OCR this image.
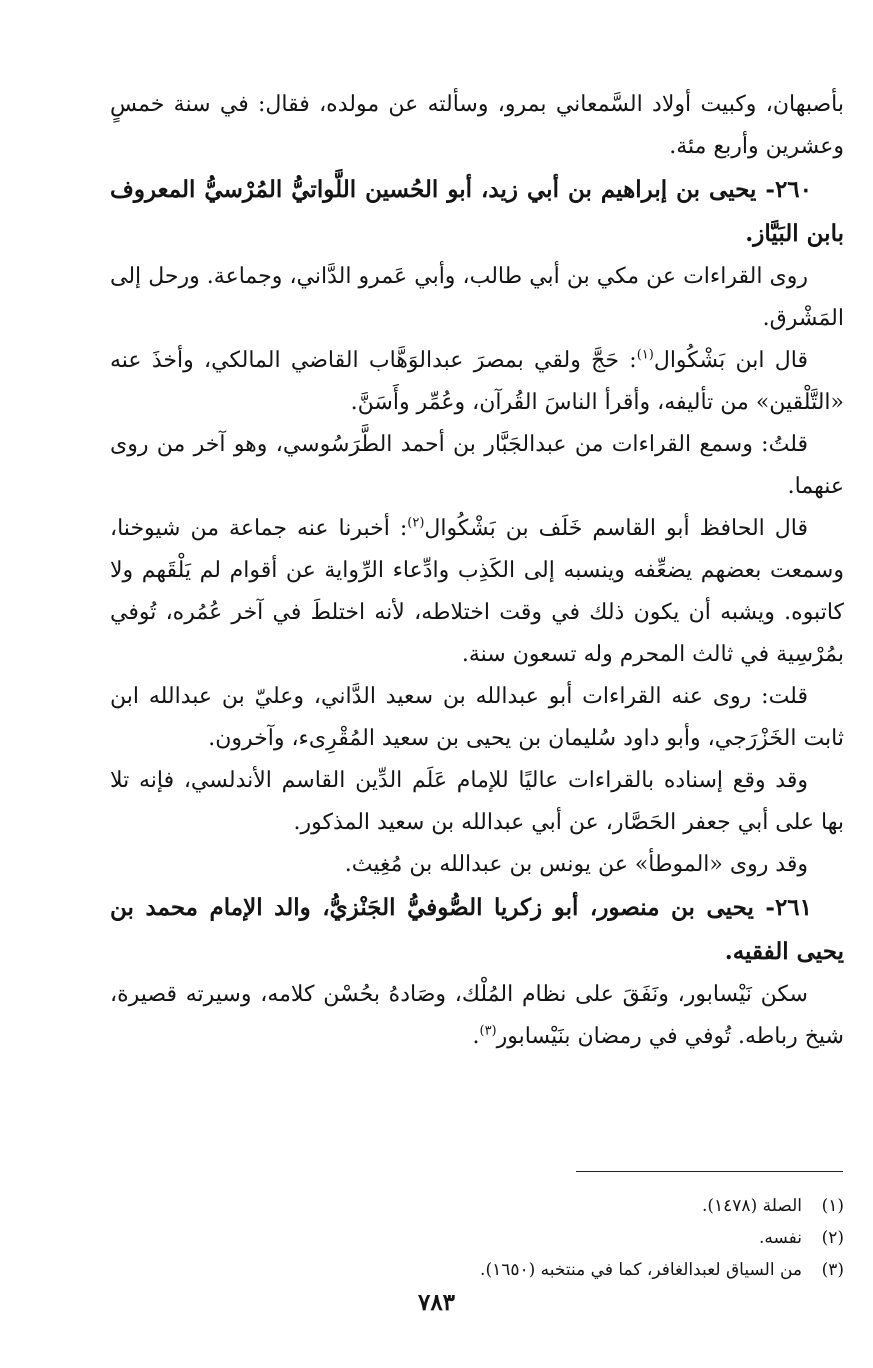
بأصبهان، وكبيت أولاد السَّمعاني بمرو، وسألته عن مولده، فقال: في سنة خمسٍ وعشرين وأربع مئة.

٢٦٠- يحيى بن إبراهيم بن أبي زيد، أبو الحُسين اللَّواتيُّ المُرْسيُّ المعروف بابن البَيَّاز.

روى القراءات عن مكي بن أبي طالب، وأبي عَمرو الدَّاني، وجماعة. ورحل إلى المَشْرق.

قال ابن بَشْكُوال$^{(١)}$: حَجَّ ولقي بمصرَ عبدالوَهَّاب القاضي المالكي، وأخذَ عنه «التَّلْقين» من تأليفه، وأقرأ الناسَ القُرآن، وعُمِّر وأَسَنَّ.

قلتُ: وسمع القراءات من عبدالجَبَّار بن أحمد الطَّرَسُوسي، وهو آخر من روى عنهما.

قال الحافظ أبو القاسم خَلَف بن بَشْكُوال$^{(٢)}$: أخبرنا عنه جماعة من شيوخنا، وسمعت بعضهم يضعِّفه وينسبه إلى الكَذِب وادِّعاء الرِّواية عن أقوام لم يَلْقَهم ولا كاتبوه. ويشبه أن يكون ذلك في وقت اختلاطه، لأنه اختلطَ في آخر عُمُره، تُوفي بمُرْسِية في ثالث المحرم وله تسعون سنة.

قلت: روى عنه القراءات أبو عبدالله بن سعيد الدَّاني، وعليّ بن عبدالله ابن ثابت الخَزْرَجي، وأبو داود سُليمان بن يحيى بن سعيد المُقْرِىء، وآخرون.

وقد وقع إسناده بالقراءات عاليًا للإمام عَلَم الدِّين القاسم الأندلسي، فإنه تلا بها على أبي جعفر الحَصَّار، عن أبي عبدالله بن سعيد المذكور.

وقد روى «الموطأ» عن يونس بن عبدالله بن مُغِيث.

٢٦١- يحيى بن منصور، أبو زكريا الصُّوفيُّ الجَنْزيُّ، والد الإمام محمد بن يحيى الفقيه.

سكن نَيْسابور، ونَفَقَ على نظام المُلْك، وصَادهُ بحُسْن كلامه، وسيرته قصيرة، شيخ رباطه. تُوفي في رمضان بنَيْسابور$^{(٣)}$.

(١)الصلة (١٤٧٨).

(٢)نفسه.

(٣)من السياق لعبدالغافر، كما في منتخبه (١٦٥٠).

٧٨٣
